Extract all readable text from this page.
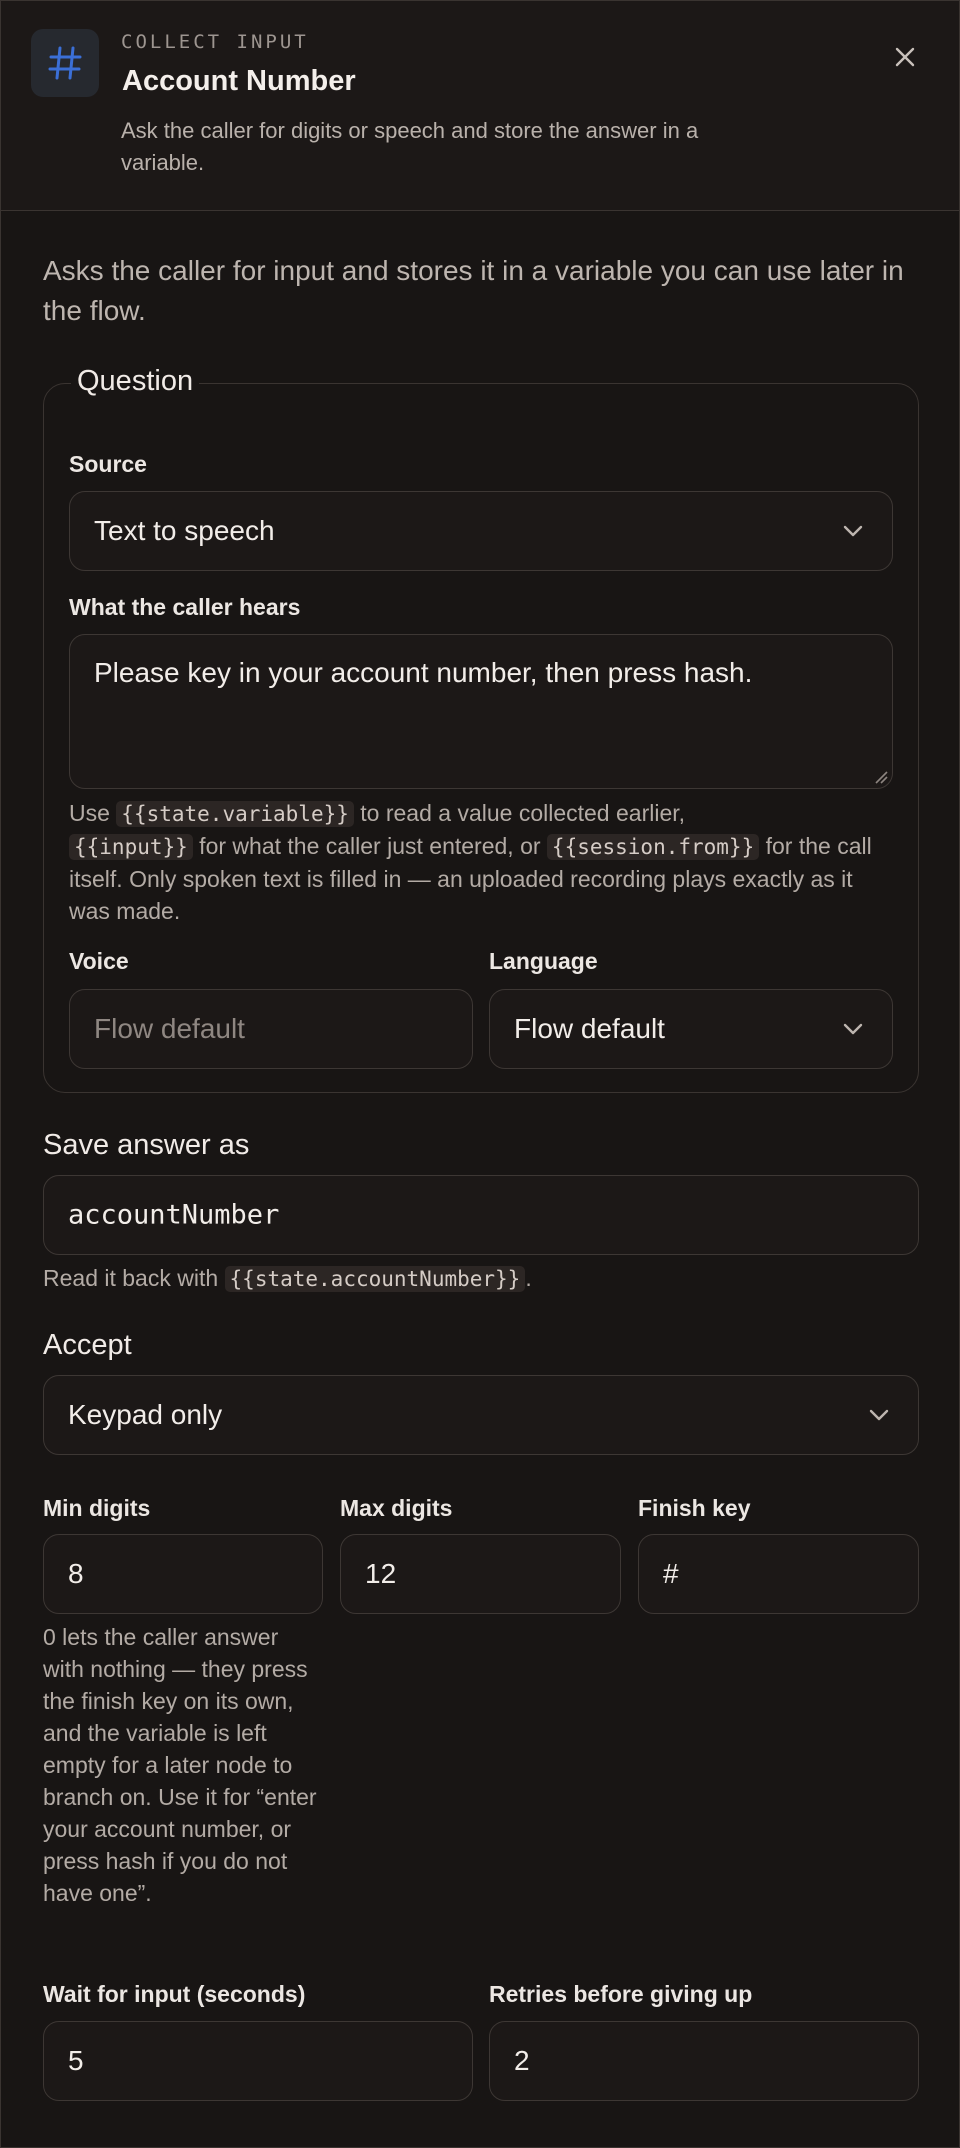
COLLECT INPUT
Account Number
Ask the caller for digits or speech and store the answer in a variable.
Asks the caller for input and stores it in a variable you can use later in the flow.
Question
Source
Text to speech
What the caller hears
Please key in your account number, then press hash.
Use {{state.variable}} to read a value collected earlier,
{{input}} for what the caller just entered, or {{session.from}} for the call itself. Only spoken text is filled in — an uploaded recording plays exactly as it was made.
Voice
Flow default
Language
Flow default
Save answer as
accountNumber
Read it back with {{state.accountNumber}} .
Accept
Keypad only
Min digits
8
Max digits
12
Finish key
#
0 lets the caller answer with nothing — they press the finish key on its own, and the variable is left empty for a later node to branch on. Use it for “enter your account number, or press hash if you do not have one”.
Wait for input (seconds)
5
Retries before giving up
2
